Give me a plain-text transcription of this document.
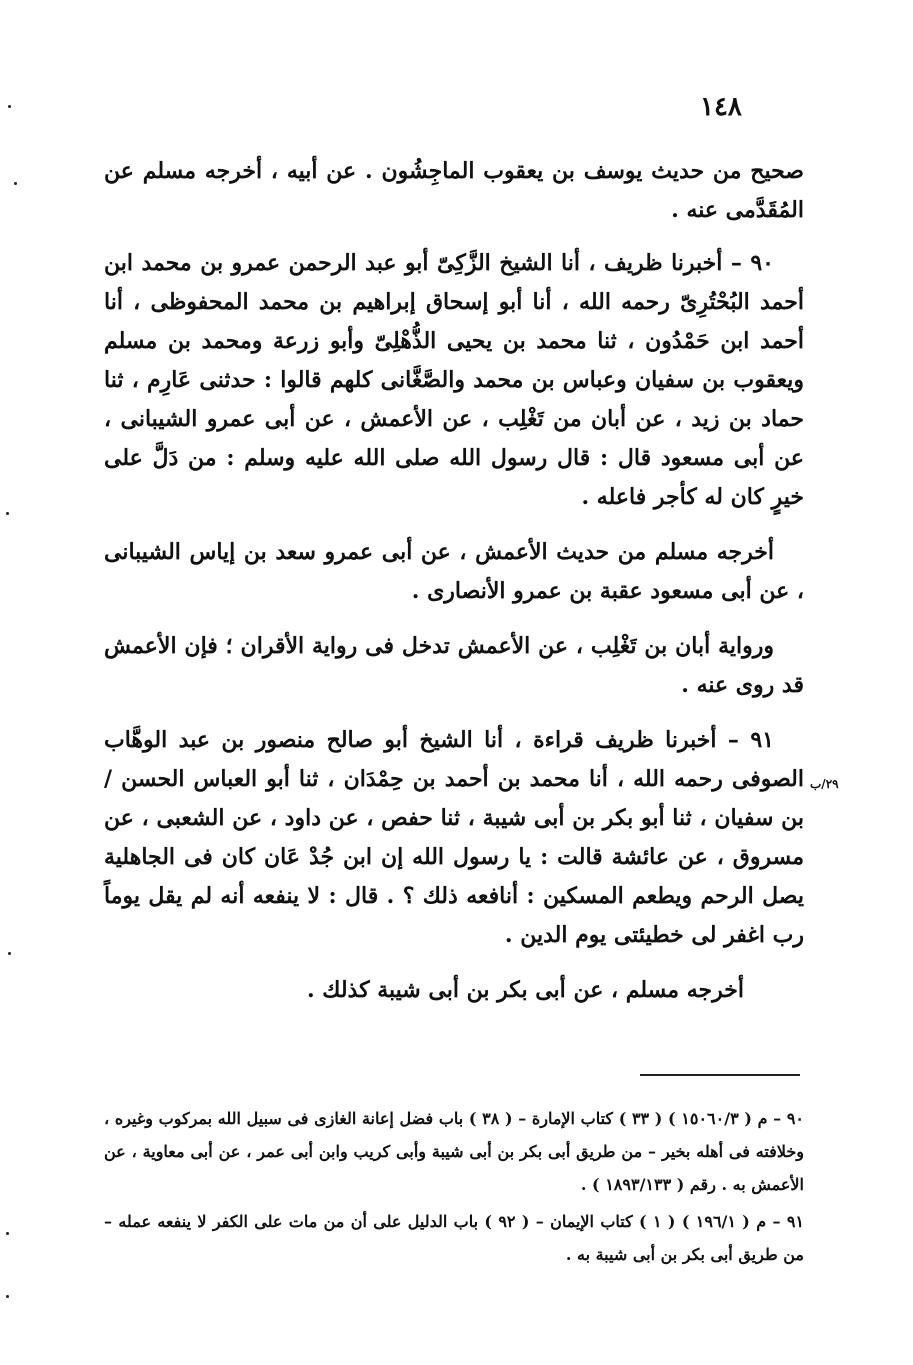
١٤٨

صحيح من حديث يوسف بن يعقوب الماجِشُون . عن أبيه ، أخرجه مسلم عن المُقَدَّمى عنه .

٩٠ – أخبرنا ظريف ، أنا الشيخ الزَّكِىّ أبو عبد الرحمن عمرو بن محمد ابن أحمد البُحْتُرِىّ رحمه الله ، أنا أبو إسحاق إبراهيم بن محمد المحفوظى ، أنا أحمد ابن حَمْدُون ، ثنا محمد بن يحيى الذُّهْلِىّ وأبو زرعة ومحمد بن مسلم ويعقوب بن سفيان وعباس بن محمد والصَّغَّانى كلهم قالوا : حدثنى عَارِم ، ثنا حماد بن زيد ، عن أبان من تَغْلِب ، عن الأعمش ، عن أبى عمرو الشيبانى ، عن أبى مسعود قال : قال رسول الله صلى الله عليه وسلم : من دَلَّ على خيرٍ كان له كأجر فاعله .

أخرجه مسلم من حديث الأعمش ، عن أبى عمرو سعد بن إياس الشيبانى ، عن أبى مسعود عقبة بن عمرو الأنصارى .

ورواية أبان بن تَغْلِب ، عن الأعمش تدخل فى رواية الأقران ؛ فإن الأعمش قد روى عنه .

٩١ – أخبرنا ظريف قراءة ، أنا الشيخ أبو صالح منصور بن عبد الوهَّاب الصوفى رحمه الله ، أنا محمد بن أحمد بن حِمْدَان ، ثنا أبو العباس الحسن / بن سفيان ، ثنا أبو بكر بن أبى شيبة ، ثنا حفص ، عن داود ، عن الشعبى ، عن مسروق ، عن عائشة قالت : يا رسول الله إن ابن جُدْ عَان كان فى الجاهلية يصل الرحم ويطعم المسكين : أنافعه ذلك ؟ . قال : لا ينفعه أنه لم يقل يوماً رب اغفر لى خطيئتى يوم الدين .

أخرجه مسلم ، عن أبى بكر بن أبى شيبة كذلك .

٢٩/ب

٩٠ – م ( ١٥٠٦٠/٣ ) ( ٣٣ ) كتاب الإمارة – ( ٣٨ ) باب فضل إعانة الغازى فى سبيل الله بمركوب وغيره ، وخلافته فى أهله بخير – من طريق أبى بكر بن أبى شيبة وأبى كريب وابن أبى عمر ، عن أبى معاوية ، عن الأعمش به . رقم ( ١٨٩٣/١٣٣ ) .

٩١ – م ( ١٩٦/١ ) ( ١ ) كتاب الإيمان – ( ٩٢ ) باب الدليل على أن من مات على الكفر لا ينفعه عمله – من طريق أبى بكر بن أبى شيبة به .
